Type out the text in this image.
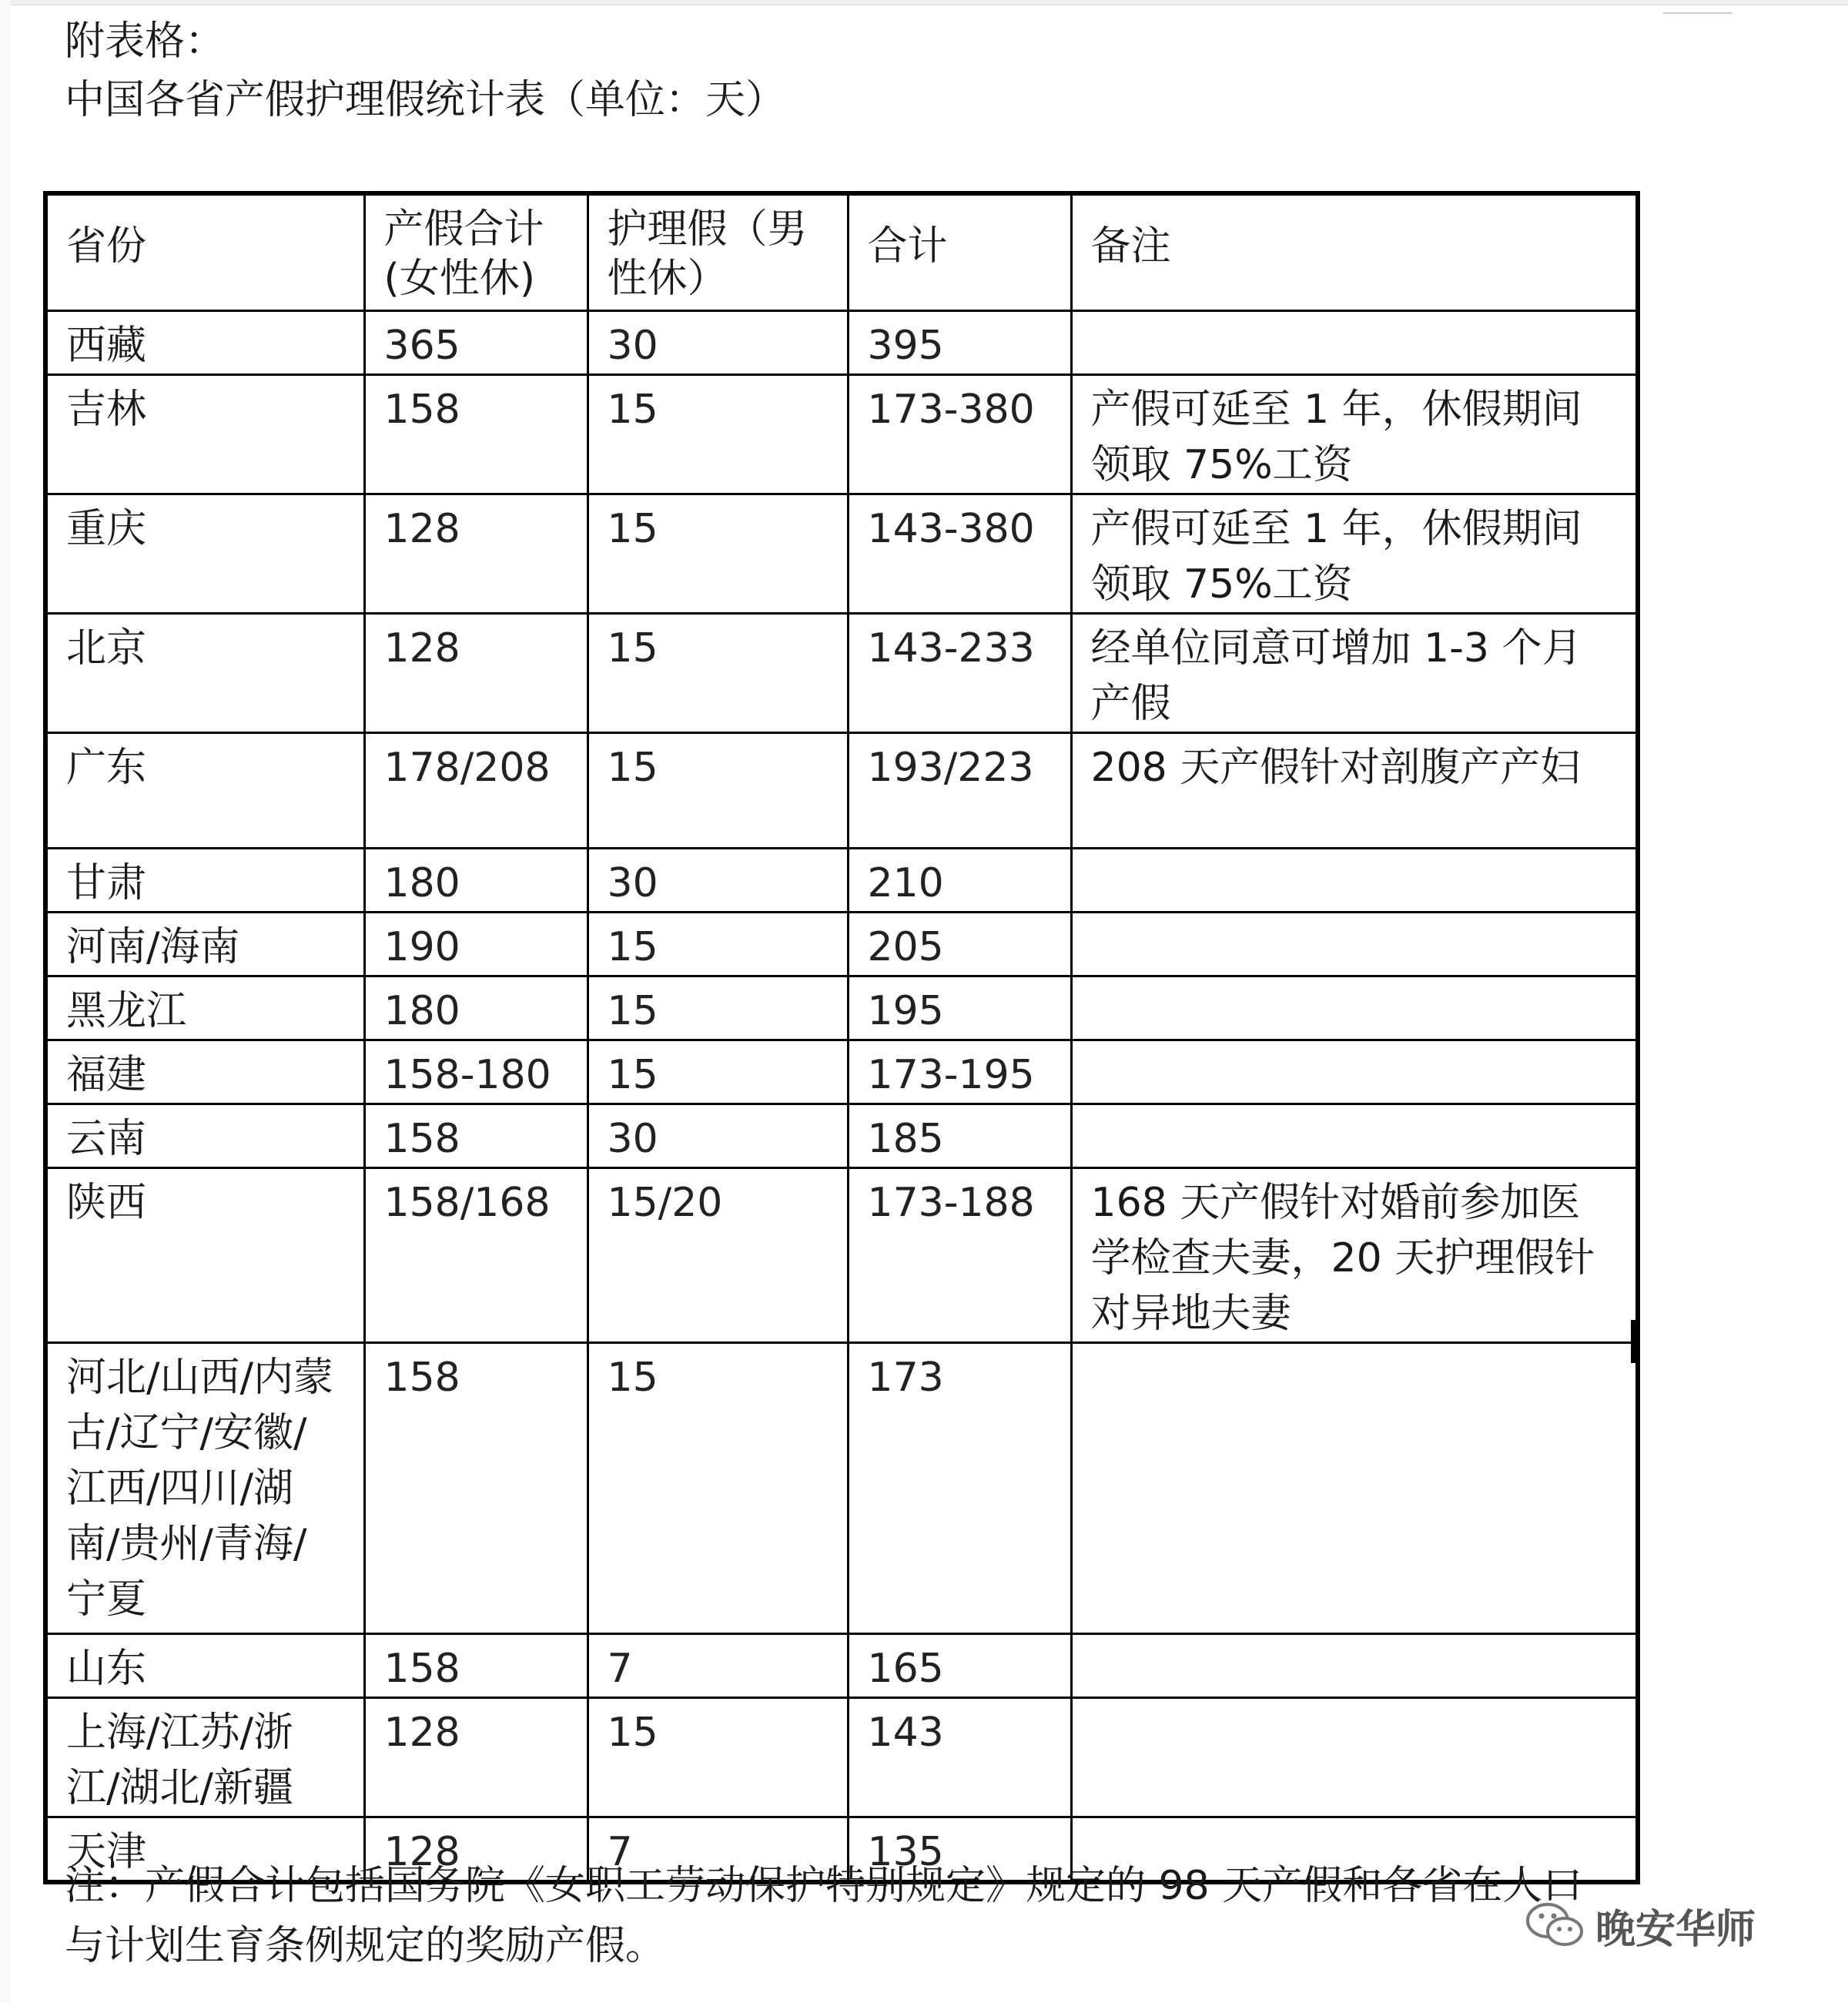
附表格：
中国各省产假护理假统计表（单位：天）
省份	产假合计(女性休)	护理假（男性休）	合计	备注
西藏	365	30	395	
吉林	158	15	173-380	产假可延至 1 年，休假期间领取 75%工资
重庆	128	15	143-380	产假可延至 1 年，休假期间领取 75%工资
北京	128	15	143-233	经单位同意可增加 1-3 个月产假
广东	178/208	15	193/223	208 天产假针对剖腹产产妇
甘肃	180	30	210	
河南/海南	190	15	205	
黑龙江	180	15	195	
福建	158-180	15	173-195	
云南	158	30	185	
陕西	158/168	15/20	173-188	168 天产假针对婚前参加医学检查夫妻，20 天护理假针对异地夫妻
河北/山西/内蒙古/辽宁/安徽/江西/四川/湖南/贵州/青海/宁夏	158	15	173	
山东	158	7	165	
上海/江苏/浙江/湖北/新疆	128	15	143	
天津	128	7	135	
注：产假合计包括国务院《女职工劳动保护特别规定》规定的 98 天产假和各省在人口与计划生育条例规定的奖励产假。	晚安华师
